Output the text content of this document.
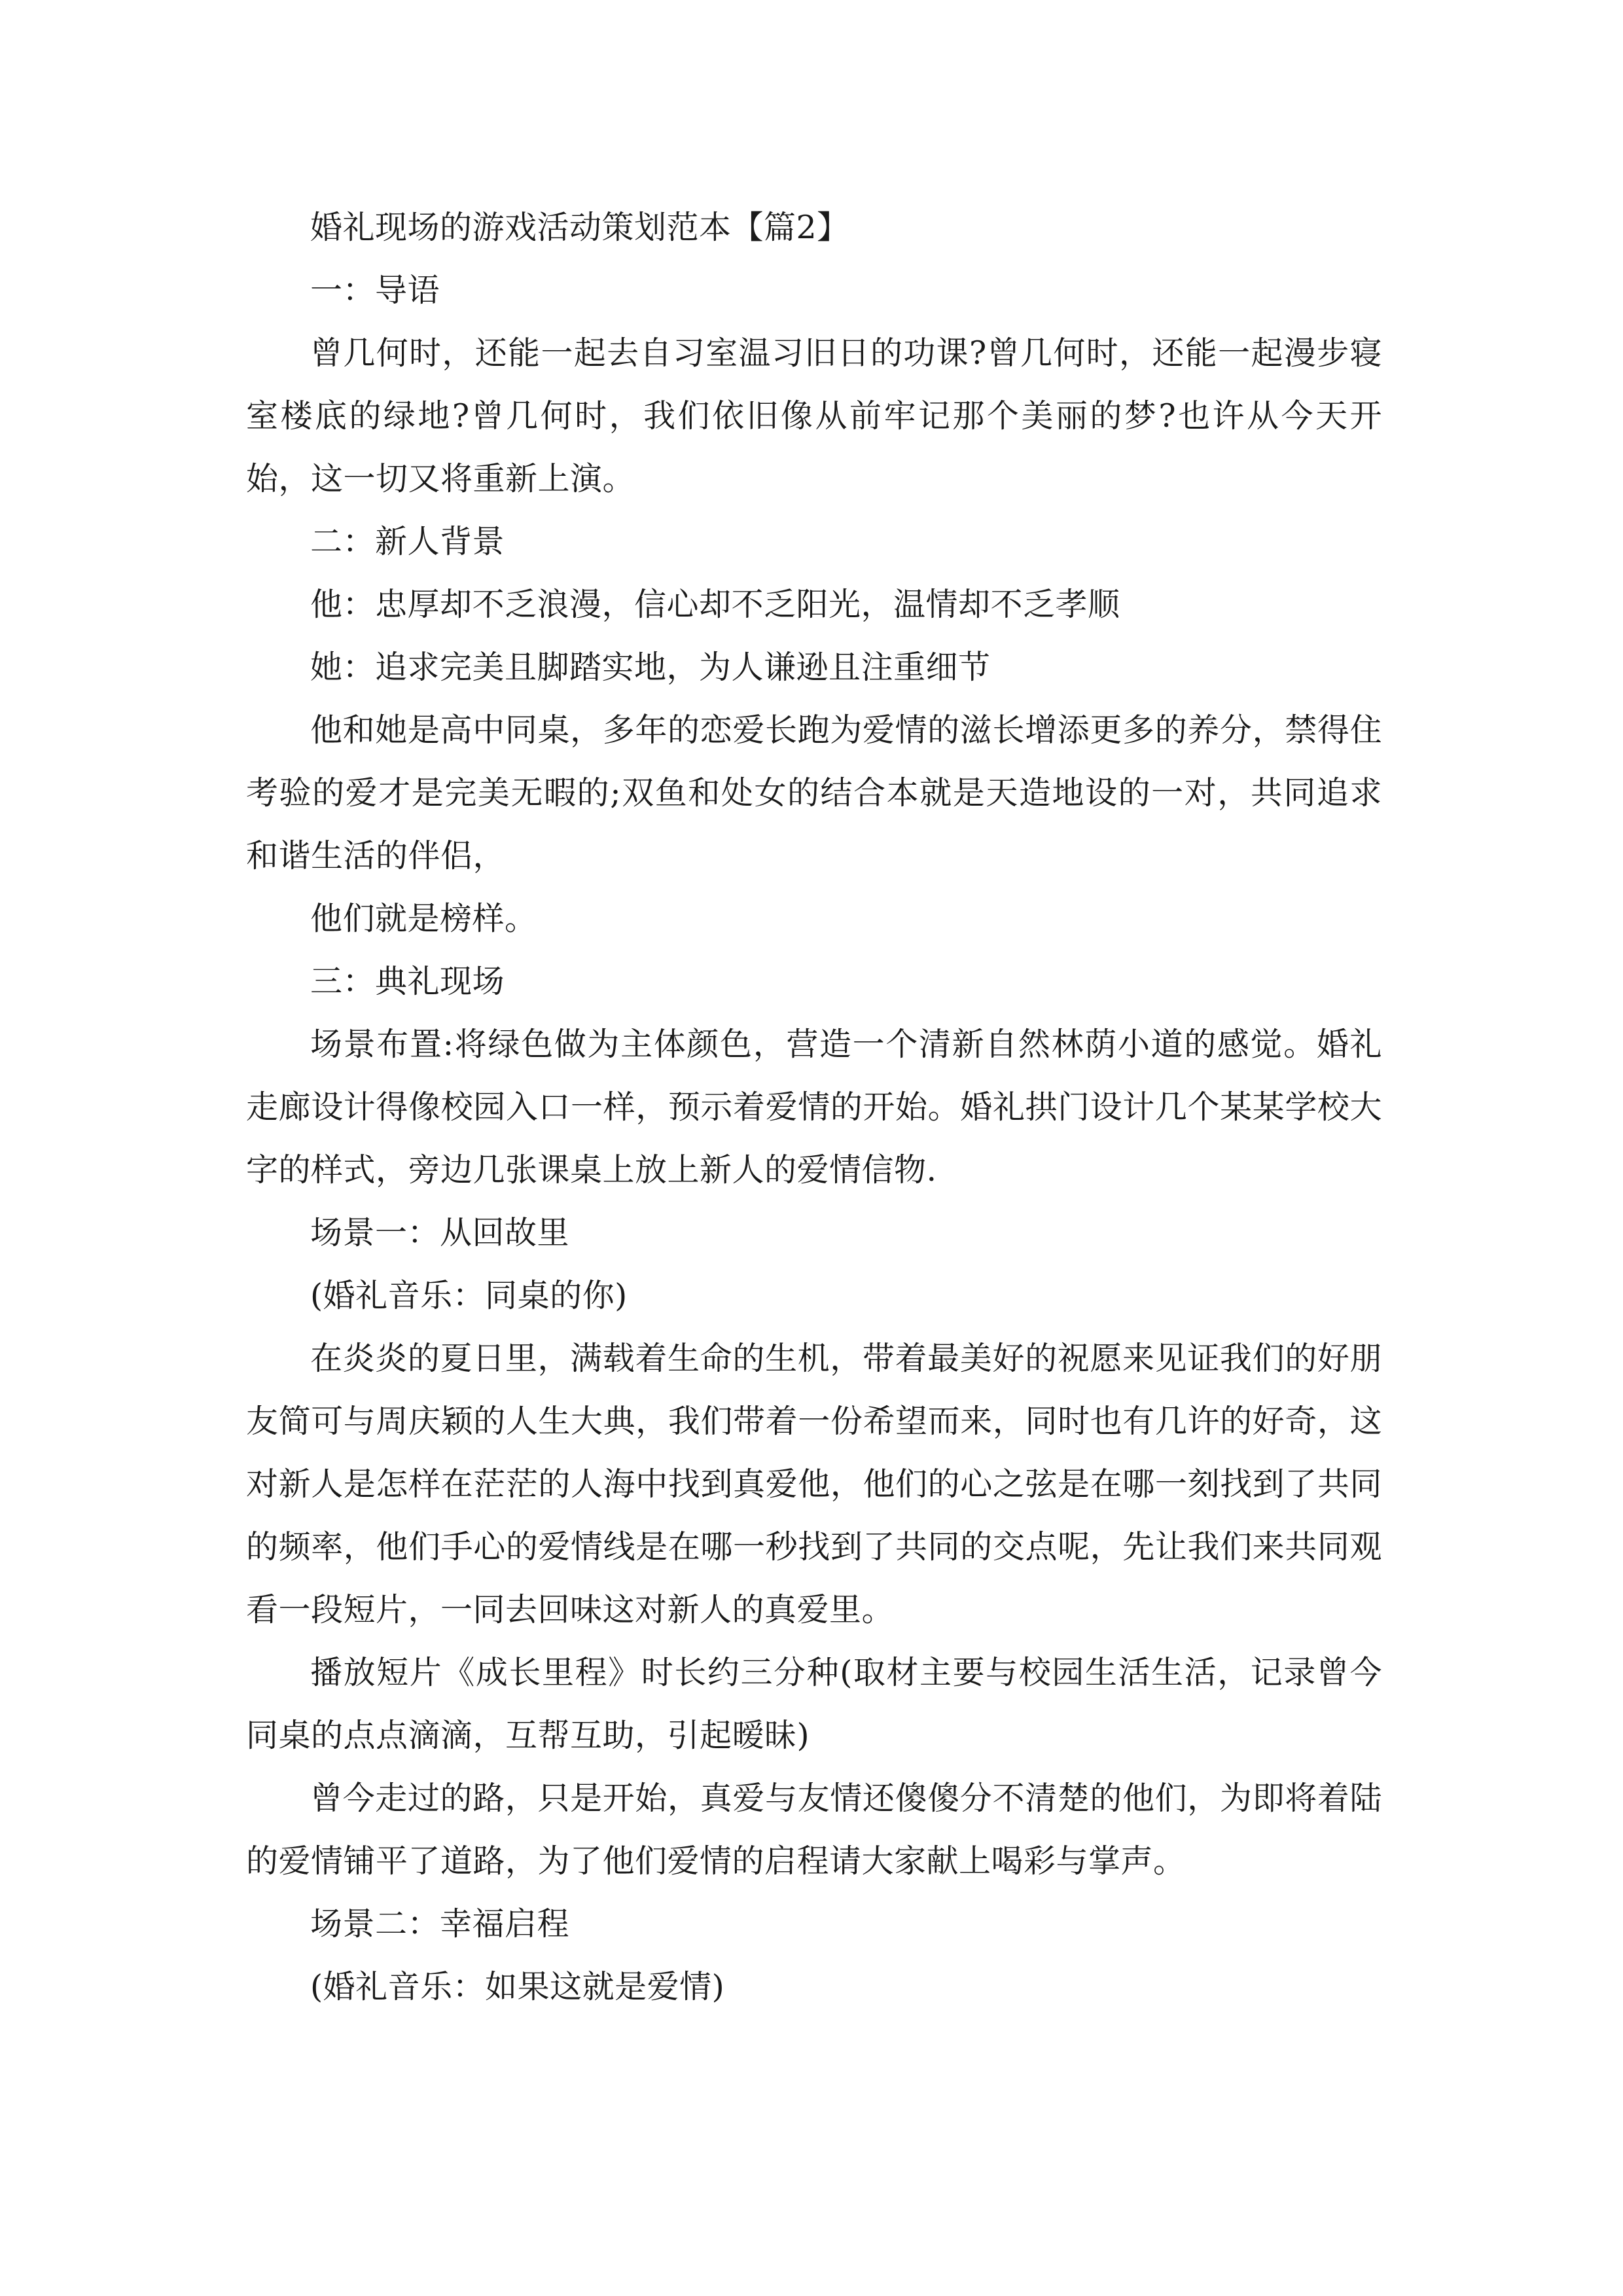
婚礼现场的游戏活动策划范本【篇2】

一：导语

曾几何时，还能一起去自习室温习旧日的功课?曾几何时，还能一起漫步寝室楼底的绿地?曾几何时，我们依旧像从前牢记那个美丽的梦?也许从今天开始，这一切又将重新上演。

二：新人背景

他：忠厚却不乏浪漫，信心却不乏阳光，温情却不乏孝顺

她：追求完美且脚踏实地，为人谦逊且注重细节

他和她是高中同桌，多年的恋爱长跑为爱情的滋长增添更多的养分，禁得住考验的爱才是完美无暇的;双鱼和处女的结合本就是天造地设的一对，共同追求和谐生活的伴侣，

他们就是榜样。

三：典礼现场

场景布置:将绿色做为主体颜色，营造一个清新自然林荫小道的感觉。婚礼走廊设计得像校园入口一样，预示着爱情的开始。婚礼拱门设计几个某某学校大字的样式，旁边几张课桌上放上新人的爱情信物.

场景一：从回故里

(婚礼音乐：同桌的你)

在炎炎的夏日里，满载着生命的生机，带着最美好的祝愿来见证我们的好朋友简可与周庆颖的人生大典，我们带着一份希望而来，同时也有几许的好奇，这对新人是怎样在茫茫的人海中找到真爱他，他们的心之弦是在哪一刻找到了共同的频率，他们手心的爱情线是在哪一秒找到了共同的交点呢，先让我们来共同观看一段短片，一同去回味这对新人的真爱里。

播放短片《成长里程》时长约三分种(取材主要与校园生活生活，记录曾今同桌的点点滴滴，互帮互助，引起暧昧)

曾今走过的路，只是开始，真爱与友情还傻傻分不清楚的他们，为即将着陆的爱情铺平了道路，为了他们爱情的启程请大家献上喝彩与掌声。

场景二：幸福启程

(婚礼音乐：如果这就是爱情)
